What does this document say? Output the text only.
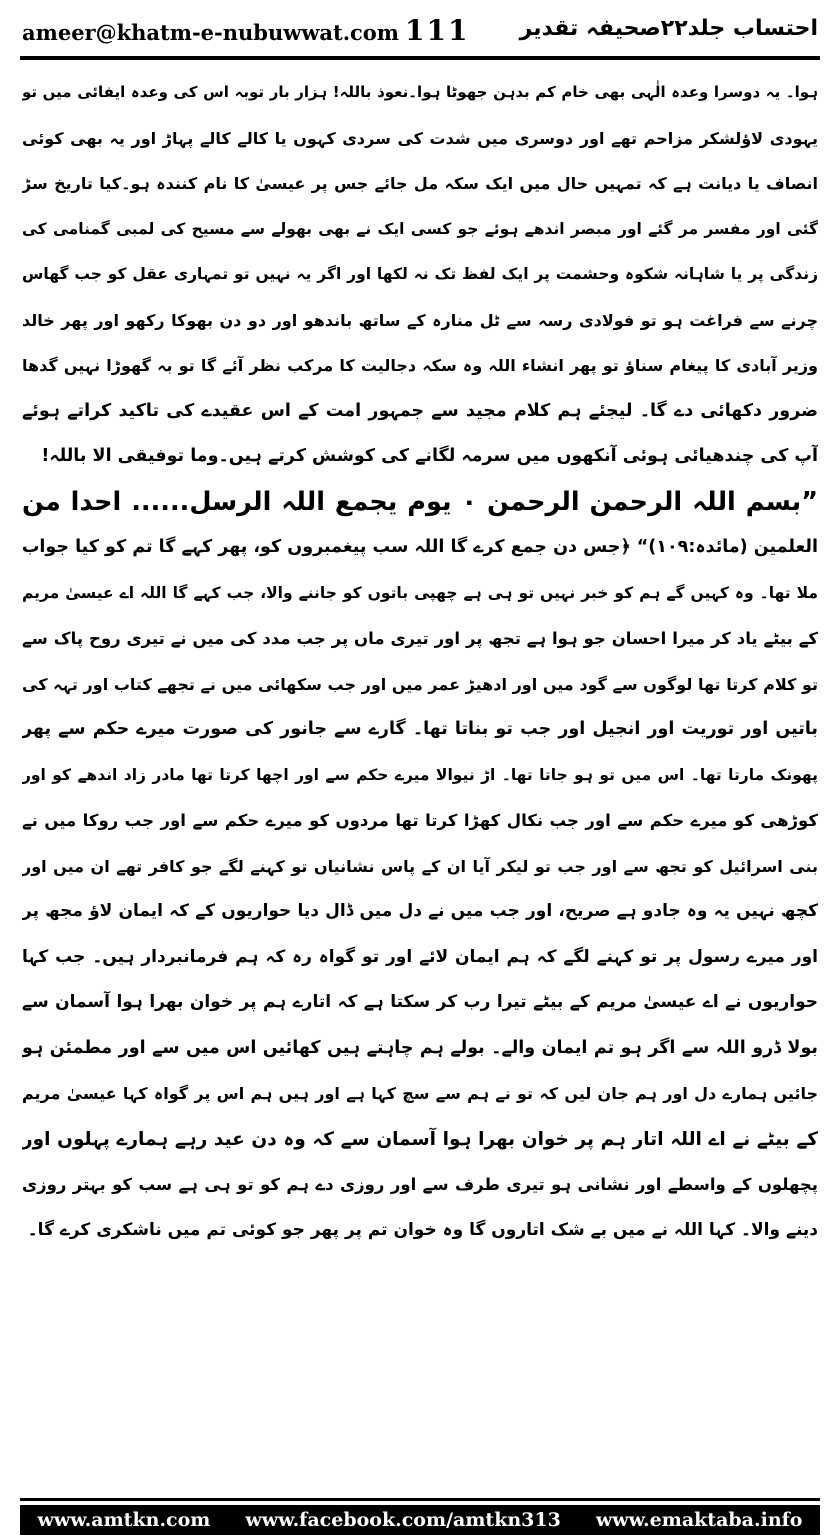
ameer@khatm-e-nubuwwat.com 111 احتساب جلد۲۲صحیفہ تقدیر
ہوا۔ یہ دوسرا وعدہ الٰہی بھی خام کم بدہن جھوٹا ہوا۔نعوذ باللہ! ہزار بار توبہ اس کی وعدہ ایفائی میں تو
یہودی لاؤلشکر مزاحم تھے اور دوسری میں شدت کی سردی کہوں یا کالے کالے پہاڑ اور یہ بھی کوئی
انصاف یا دیانت ہے کہ تمہیں حال میں ایک سکہ مل جائے جس پر عیسیٰ کا نام کنندہ ہو۔کیا تاریخ سڑ
گئی اور مفسر مر گئے اور مبصر اندھے ہوئے جو کسی ایک نے بھی بھولے سے مسیح کی لمبی گمنامی کی
زندگی پر یا شاہانہ شکوہ وحشمت پر ایک لفظ تک نہ لکھا اور اگر یہ نہیں تو تمہاری عقل کو جب گھاس
چرنے سے فراغت ہو تو فولادی رسہ سے ٹل منارہ کے ساتھ باندھو اور دو دن بھوکا رکھو اور پھر خالد
وزیر آبادی کا پیغام سناؤ تو پھر انشاء اللہ وہ سکہ دجالیت کا مرکب نظر آئے گا تو بہ گھوڑا نہیں گدھا
ضرور دکھائی دے گا۔ لیجئے ہم کلام مجید سے جمہور امت کے اس عقیدے کی تاکید کراتے ہوئے
آپ کی چندھیائی ہوئی آنکھوں میں سرمہ لگانے کی کوشش کرتے ہیں۔وما توفیقی الا باللہ!
”بسم اللہ الرحمن الرحمن ۰ یوم یجمع اللہ الرسل...... احدا من
العلمین (مائدہ:۱۰۹)“ ﴿جس دن جمع کرے گا اللہ سب پیغمبروں کو، پھر کہے گا تم کو کیا جواب
ملا تھا۔ وہ کہیں گے ہم کو خبر نہیں تو ہی ہے چھپی باتوں کو جاننے والا، جب کہے گا اللہ اے عیسیٰ مریم
کے بیٹے یاد کر میرا احسان جو ہوا ہے تجھ پر اور تیری ماں پر جب مدد کی میں نے تیری روح پاک سے
تو کلام کرتا تھا لوگوں سے گود میں اور ادھیڑ عمر میں اور جب سکھائی میں نے تجھے کتاب اور تہہ کی
باتیں اور توریت اور انجیل اور جب تو بناتا تھا۔ گارے سے جانور کی صورت میرے حکم سے پھر
پھونک مارتا تھا۔ اس میں تو ہو جاتا تھا۔ اڑ نیوالا میرے حکم سے اور اچھا کرتا تھا مادر زاد اندھے کو اور
کوڑھی کو میرے حکم سے اور جب نکال کھڑا کرتا تھا مردوں کو میرے حکم سے اور جب روکا میں نے
بنی اسرائیل کو تجھ سے اور جب تو لیکر آیا ان کے پاس نشانیاں تو کہنے لگے جو کافر تھے ان میں اور
کچھ نہیں یہ وہ جادو ہے صریح، اور جب میں نے دل میں ڈال دیا حواریوں کے کہ ایمان لاؤ مجھ پر
اور میرے رسول پر تو کہنے لگے کہ ہم ایمان لائے اور تو گواہ رہ کہ ہم فرمانبردار ہیں۔ جب کہا
حواریوں نے اے عیسیٰ مریم کے بیٹے تیرا رب کر سکتا ہے کہ اتارے ہم پر خوان بھرا ہوا آسمان سے
بولا ڈرو اللہ سے اگر ہو تم ایمان والے۔ بولے ہم چاہتے ہیں کھائیں اس میں سے اور مطمئن ہو
جائیں ہمارے دل اور ہم جان لیں کہ تو نے ہم سے سچ کہا ہے اور ہیں ہم اس پر گواہ کہا عیسیٰ مریم
کے بیٹے نے اے اللہ اتار ہم پر خوان بھرا ہوا آسمان سے کہ وہ دن عید رہے ہمارے پہلوں اور
پچھلوں کے واسطے اور نشانی ہو تیری طرف سے اور روزی دے ہم کو تو ہی ہے سب کو بہتر روزی
دینے والا۔ کہا اللہ نے میں بے شک اتاروں گا وہ خوان تم پر پھر جو کوئی تم میں ناشکری کرے گا۔
www.amtkn.com www.facebook.com/amtkn313 www.emaktaba.info
